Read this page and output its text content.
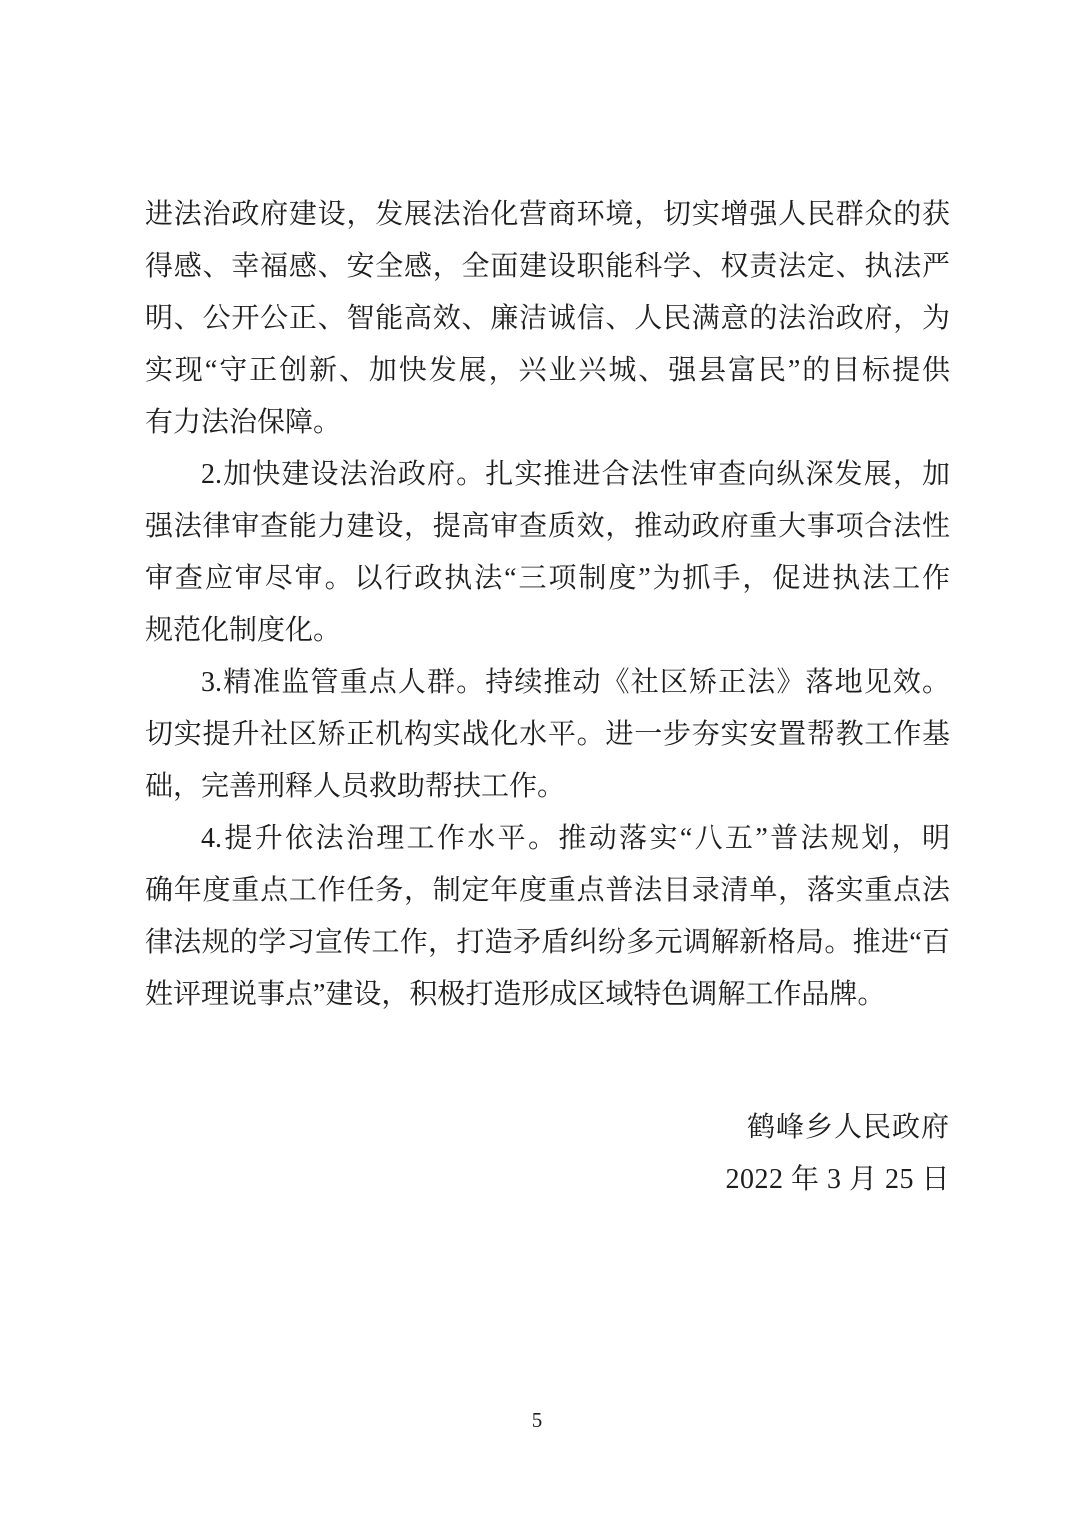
进法治政府建设，发展法治化营商环境，切实增强人民群众的获
得感、幸福感、安全感，全面建设职能科学、权责法定、执法严
明、公开公正、智能高效、廉洁诚信、人民满意的法治政府，为
实现“守正创新、加快发展，兴业兴城、强县富民”的目标提供
有力法治保障。
2.加快建设法治政府。扎实推进合法性审查向纵深发展，加
强法律审查能力建设，提高审查质效，推动政府重大事项合法性
审查应审尽审。以行政执法“三项制度”为抓手，促进执法工作
规范化制度化。
3.精准监管重点人群。持续推动《社区矫正法》落地见效。
切实提升社区矫正机构实战化水平。进一步夯实安置帮教工作基
础，完善刑释人员救助帮扶工作。
4.提升依法治理工作水平。推动落实“八五”普法规划，明
确年度重点工作任务，制定年度重点普法目录清单，落实重点法
律法规的学习宣传工作，打造矛盾纠纷多元调解新格局。推进“百
姓评理说事点”建设，积极打造形成区域特色调解工作品牌。
鹤峰乡人民政府
2022 年 3 月 25 日
5
